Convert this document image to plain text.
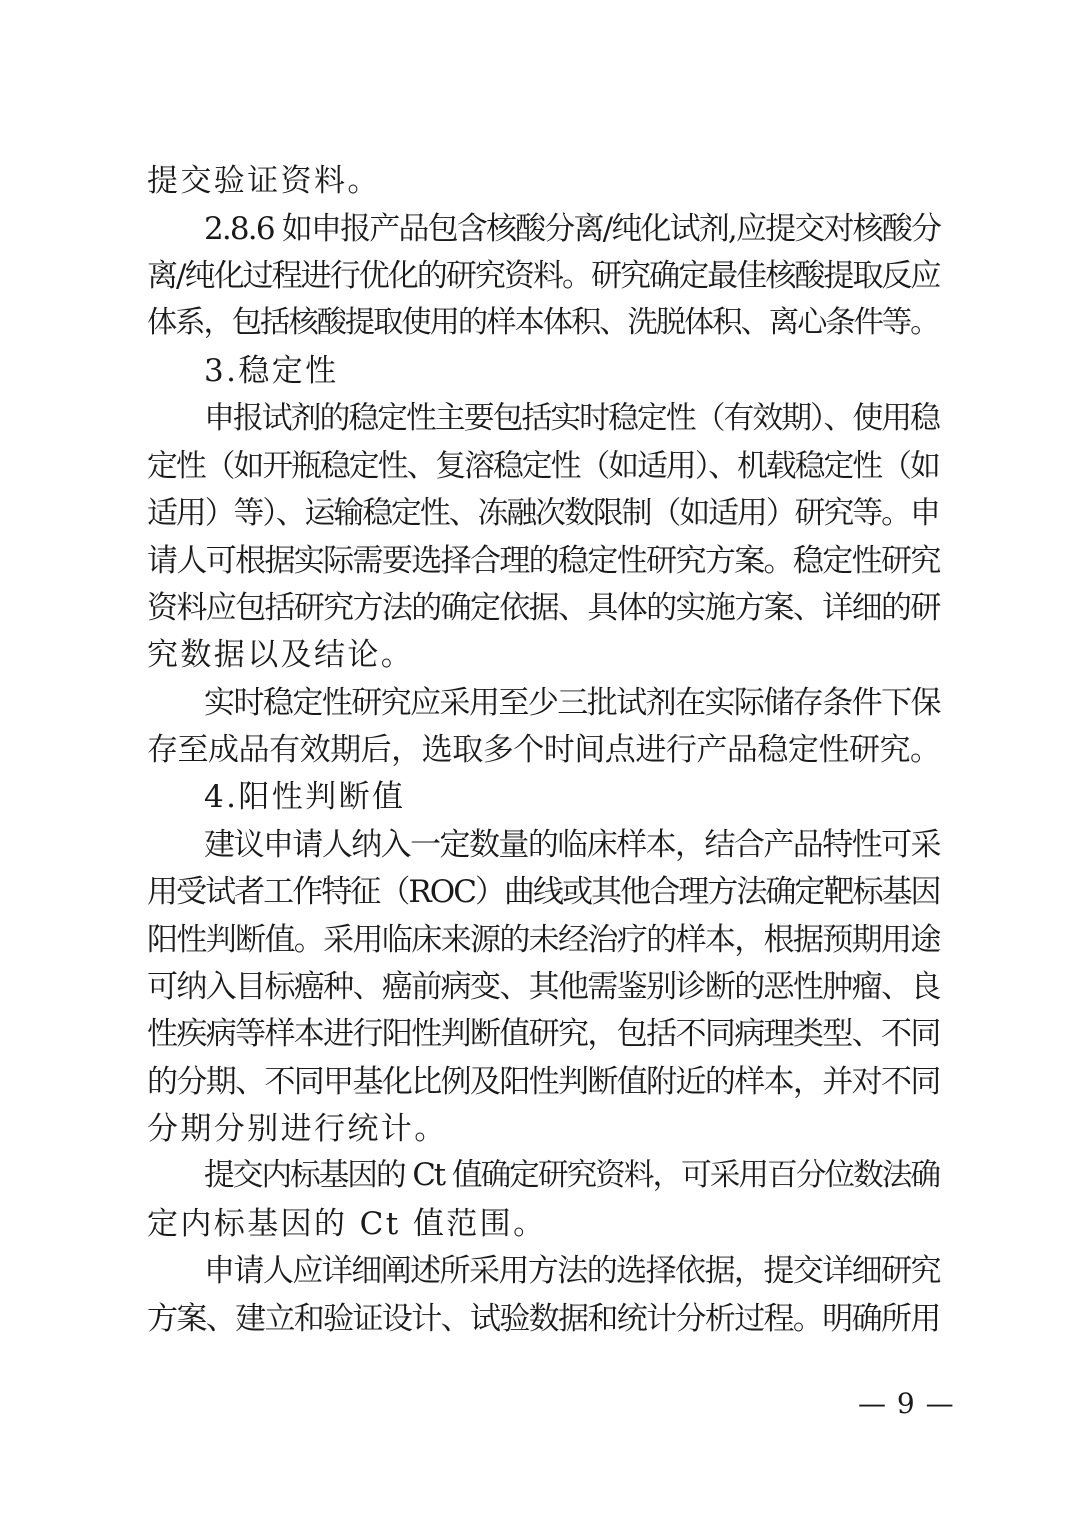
提交验证资料。
2.8.6 如申报产品包含核酸分离/纯化试剂,应提交对核酸分
离/纯化过程进行优化的研究资料。研究确定最佳核酸提取反应
体系，包括核酸提取使用的样本体积、洗脱体积、离心条件等。
3.稳定性
申报试剂的稳定性主要包括实时稳定性（有效期）、使用稳
定性（如开瓶稳定性、复溶稳定性（如适用）、机载稳定性（如
适用）等）、运输稳定性、冻融次数限制（如适用）研究等。申
请人可根据实际需要选择合理的稳定性研究方案。稳定性研究
资料应包括研究方法的确定依据、具体的实施方案、详细的研
究数据以及结论。
实时稳定性研究应采用至少三批试剂在实际储存条件下保
存至成品有效期后，选取多个时间点进行产品稳定性研究。
4.阳性判断值
建议申请人纳入一定数量的临床样本，结合产品特性可采
用受试者工作特征（ROC）曲线或其他合理方法确定靶标基因
阳性判断值。采用临床来源的未经治疗的样本，根据预期用途
可纳入目标癌种、癌前病变、其他需鉴别诊断的恶性肿瘤、良
性疾病等样本进行阳性判断值研究，包括不同病理类型、不同
的分期、不同甲基化比例及阳性判断值附近的样本，并对不同
分期分别进行统计。
提交内标基因的 Ct 值确定研究资料，可采用百分位数法确
定内标基因的 Ct 值范围。
申请人应详细阐述所采用方法的选择依据，提交详细研究
方案、建立和验证设计、试验数据和统计分析过程。明确所用
— 9 —
